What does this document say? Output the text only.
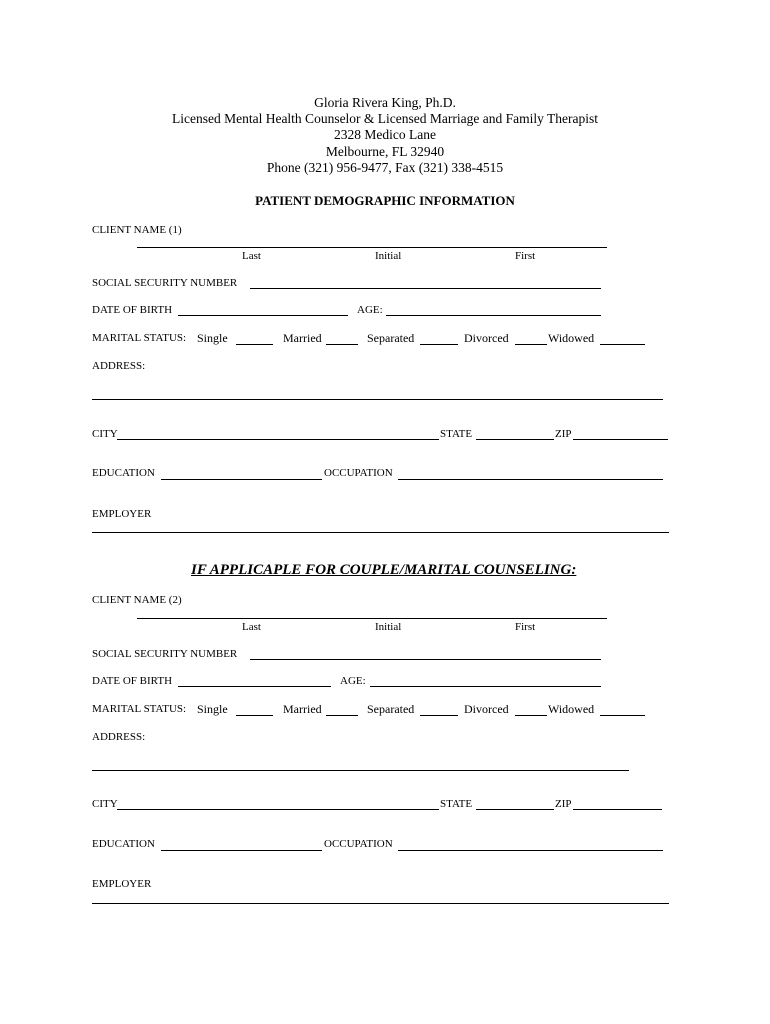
Gloria Rivera King, Ph.D.
Licensed Mental Health Counselor & Licensed Marriage and Family Therapist
2328 Medico Lane
Melbourne, FL 32940
Phone (321) 956-9477, Fax (321) 338-4515
PATIENT DEMOGRAPHIC INFORMATION
CLIENT NAME (1)
Last	Initial	First
SOCIAL SECURITY NUMBER
DATE OF BIRTH	AGE:
MARITAL STATUS: Single	Married	Separated	Divorced	Widowed
ADDRESS:
CITY	STATE	ZIP
EDUCATION	OCCUPATION
EMPLOYER
IF APPLICAPLE FOR COUPLE/MARITAL COUNSELING:
CLIENT NAME (2)
Last	Initial	First
SOCIAL SECURITY NUMBER
DATE OF BIRTH	AGE:
MARITAL STATUS: Single	Married	Separated	Divorced	Widowed
ADDRESS:
CITY	STATE	ZIP
EDUCATION	OCCUPATION
EMPLOYER
